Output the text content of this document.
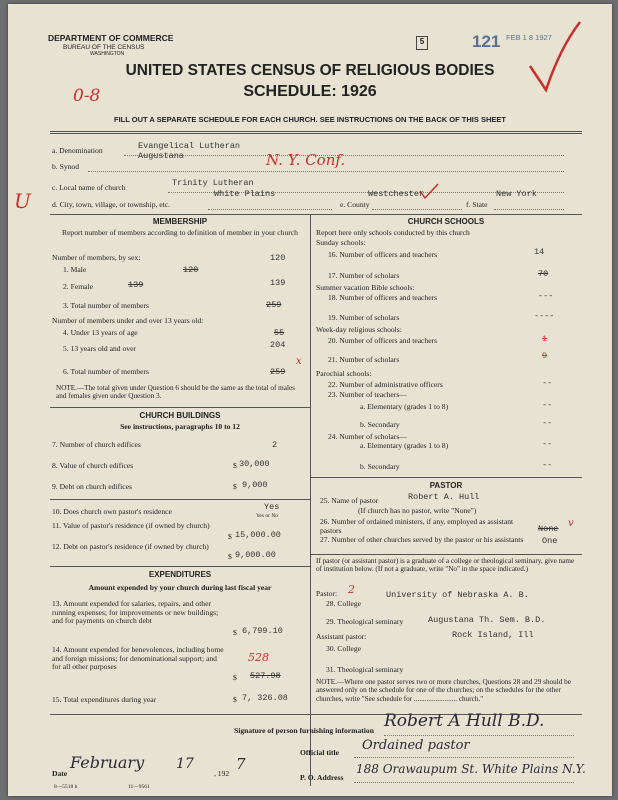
DEPARTMENT OF COMMERCE
BUREAU OF THE CENSUS
WASHINGTON
5	121 FEB 1 8 1927
UNITED STATES CENSUS OF RELIGIOUS BODIES
SCHEDULE: 1926
0-8
FILL OUT A SEPARATE SCHEDULE FOR EACH CHURCH. SEE INSTRUCTIONS ON THE BACK OF THIS SHEET
a. Denomination	Evangelical Lutheran
Augustana
b. Synod	N. Y. Conf.
c. Local name of church	Trinity Lutheran
U	White Plains	Westchester	New York
d. City, town, village, or township, etc.	e. County	f. State
MEMBERSHIP
Report number of members according to definition of member in your church
Number of members, by sex:	120
1. Male	120
2. Female	139	139
3. Total number of members	259
Number of members under and over 13 years old:
4. Under 13 years of age	55
5. 13 years old and over	204
6. Total number of members	259
x
NOTE.—The total given under Question 6 should be the same as the total of males and females given under Question 3.
CHURCH BUILDINGS
See instructions, paragraphs 10 to 12
7. Number of church edifices	2
8. Value of church edifices	$ 30,000
9. Debt on church edifices	$ 9,000
10. Does church own pastor's residence	Yes
Yes or No
11. Value of pastor's residence (if owned by church)
$ 15,000.00
12. Debt on pastor's residence (if owned by church)
$ 9,000.00
EXPENDITURES
Amount expended by your church during last fiscal year
13. Amount expended for salaries, repairs, and other running expenses; for improvements or new buildings; and for payments on church debt
$ 6,799.10
14. Amount expended for benevolences, including home and foreign missions; for denominational support; and for all other purposes
528
$ 527.98
15. Total expenditures during year	$ 7, 326.08
CHURCH SCHOOLS
Report here only schools conducted by this church
Sunday schools:
16. Number of officers and teachers	14
17. Number of scholars	70
Summer vacation Bible schools:
18. Number of officers and teachers	---
19. Number of scholars	----
Week-day religious schools:
20. Number of officers and teachers	1
21. Number of scholars	9
Parochial schools:
22. Number of administrative officers	--
23. Number of teachers—
a. Elementary (grades 1 to 8)	--
b. Secondary	--
24. Number of scholars—
a. Elementary (grades 1 to 8)	--
b. Secondary	--
PASTOR
25. Name of pastor	Robert A. Hull
(If church has no pastor, write "None")
26. Number of ordained ministers, if any, employed as assistant pastors	None v
27. Number of other churches served by the pastor or his assistants	One
If pastor (or assistant pastor) is a graduate of a college or theological seminary, give name of institution below. (If not a graduate, write "No" in the space indicated.)
Pastor: 2
28. College
University of Nebraska A. B.
29. Theological seminary	Augustana Th. Sem. B.D.
Assistant pastor:	Rock Island, Ill
30. College
31. Theological seminary
NOTE.—Where one pastor serves two or more churches, Questions 28 and 29 should be answered only on the schedule for one of the churches; on the schedules for the other churches, write "See schedule for ........................ church."
Signature of person furnishing information Robert A Hull B.D.
Official title Ordained pastor
P. O. Address
188 Orawaupum St. White Plains N.Y.
Date
February 17
, 192
7
8—5518 b	11—9561
